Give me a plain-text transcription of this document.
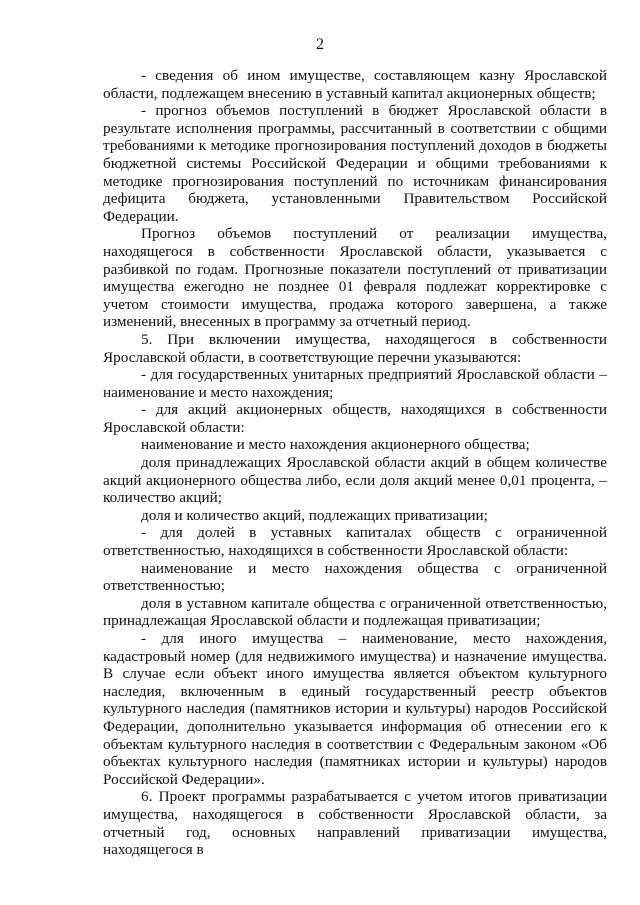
2

- сведения об ином имуществе, составляющем казну Ярославской области, подлежащем внесению в уставный капитал акционерных обществ;

- прогноз объемов поступлений в бюджет Ярославской области в результате исполнения программы, рассчитанный в соответствии с общими требованиями к методике прогнозирования поступлений доходов в бюджеты бюджетной системы Российской Федерации и общими требованиями к методике прогнозирования поступлений по источникам финансирования дефицита бюджета, установленными Правительством Российской Федерации.

Прогноз объемов поступлений от реализации имущества, находящегося в собственности Ярославской области, указывается с разбивкой по годам. Прогнозные показатели поступлений от приватизации имущества ежегодно не позднее 01 февраля подлежат корректировке с учетом стоимости имущества, продажа которого завершена, а также изменений, внесенных в программу за отчетный период.

5. При включении имущества, находящегося в собственности Ярославской области, в соответствующие перечни указываются:

- для государственных унитарных предприятий Ярославской области – наименование и место нахождения;

- для акций акционерных обществ, находящихся в собственности Ярославской области:

наименование и место нахождения акционерного общества;

доля принадлежащих Ярославской области акций в общем количестве акций акционерного общества либо, если доля акций менее 0,01 процента, – количество акций;

доля и количество акций, подлежащих приватизации;

- для долей в уставных капиталах обществ с ограниченной ответственностью, находящихся в собственности Ярославской области:

наименование и место нахождения общества с ограниченной ответственностью;

доля в уставном капитале общества с ограниченной ответственностью, принадлежащая Ярославской области и подлежащая приватизации;

- для иного имущества – наименование, место нахождения, кадастровый номер (для недвижимого имущества) и назначение имущества. В случае если объект иного имущества является объектом культурного наследия, включенным в единый государственный реестр объектов культурного наследия (памятников истории и культуры) народов Российской Федерации, дополнительно указывается информация об отнесении его к объектам культурного наследия в соответствии с Федеральным законом «Об объектах культурного наследия (памятниках истории и культуры) народов Российской Федерации».

6. Проект программы разрабатывается с учетом итогов приватизации имущества, находящегося в собственности Ярославской области, за отчетный год, основных направлений приватизации имущества, находящегося в
